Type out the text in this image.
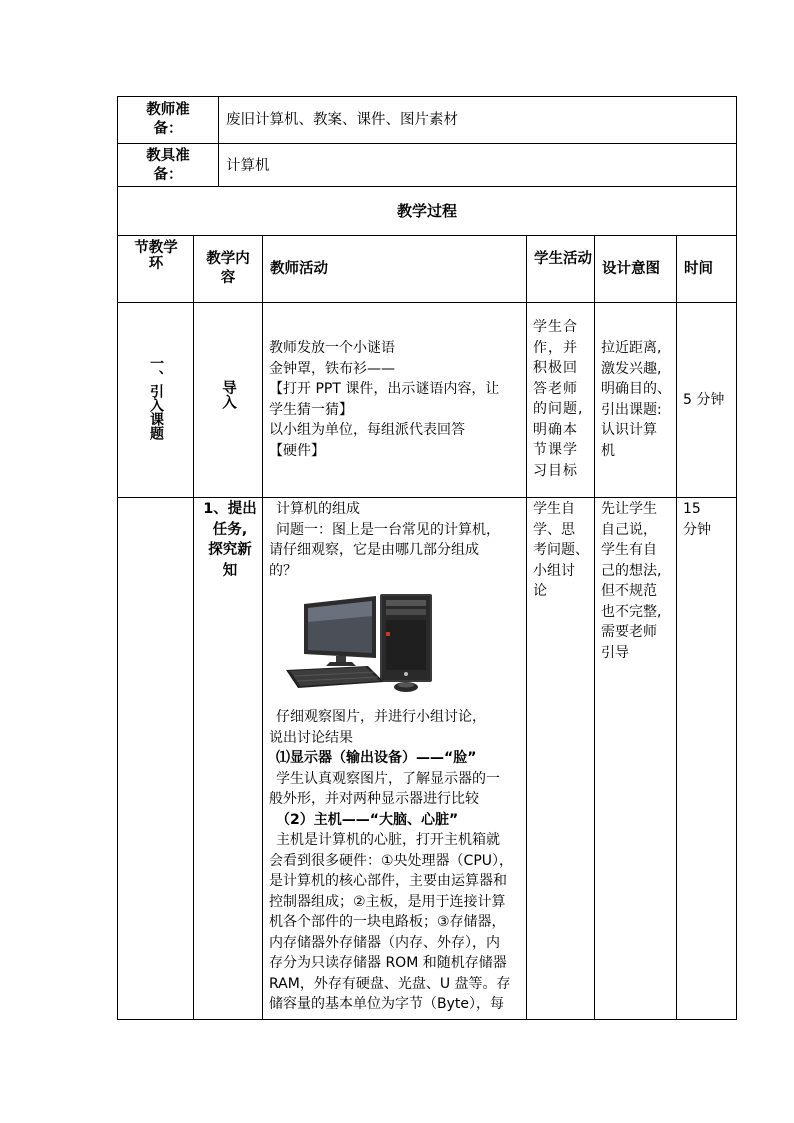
教师准备：
废旧计算机、教案、课件、图片素材
教具准备：
计算机
教学过程
节教学环	教学内容
教师活动
学生活动
设计意图 时间
一、引入课题	导入

教师发放一个小谜语

金钟罩，铁布衫——

【打开 PPT 课件，出示谜语内容，让

学生猜一猜】

以小组为单位，每组派代表回答

【硬件】

学生合

作，并

积极回

答老师

的问题,

明确本

节课学

习目标

拉近距离,

激发兴趣,

明确目的、

引出课题:

认识计算

机

5 分钟

1、提出

任务,

探究新

知

计算机的组成

问题一：图上是一台常见的计算机，

请仔细观察，它是由哪几部分组成

的？

仔细观察图片，并进行小组讨论，

说出讨论结果

⑴显示器（输出设备）——“脸”

学生认真观察图片，了解显示器的一

般外形，并对两种显示器进行比较

（2）主机——“大脑、心脏”

主机是计算机的心脏，打开主机箱就

会看到很多硬件：①央处理器（CPU），

是计算机的核心部件，主要由运算器和

控制器组成；②主板，是用于连接计算

机各个部件的一块电路板；③存储器，

内存储器外存储器（内存、外存），内

存分为只读存储器 ROM 和随机存储器

RAM，外存有硬盘、光盘、U 盘等。存

储容量的基本单位为字节（Byte），每

学生自

学、思

考问题、

小组讨

论

先让学生

自己说，

学生有自

己的想法,

但不规范

也不完整,

需要老师

引导

15

分钟
